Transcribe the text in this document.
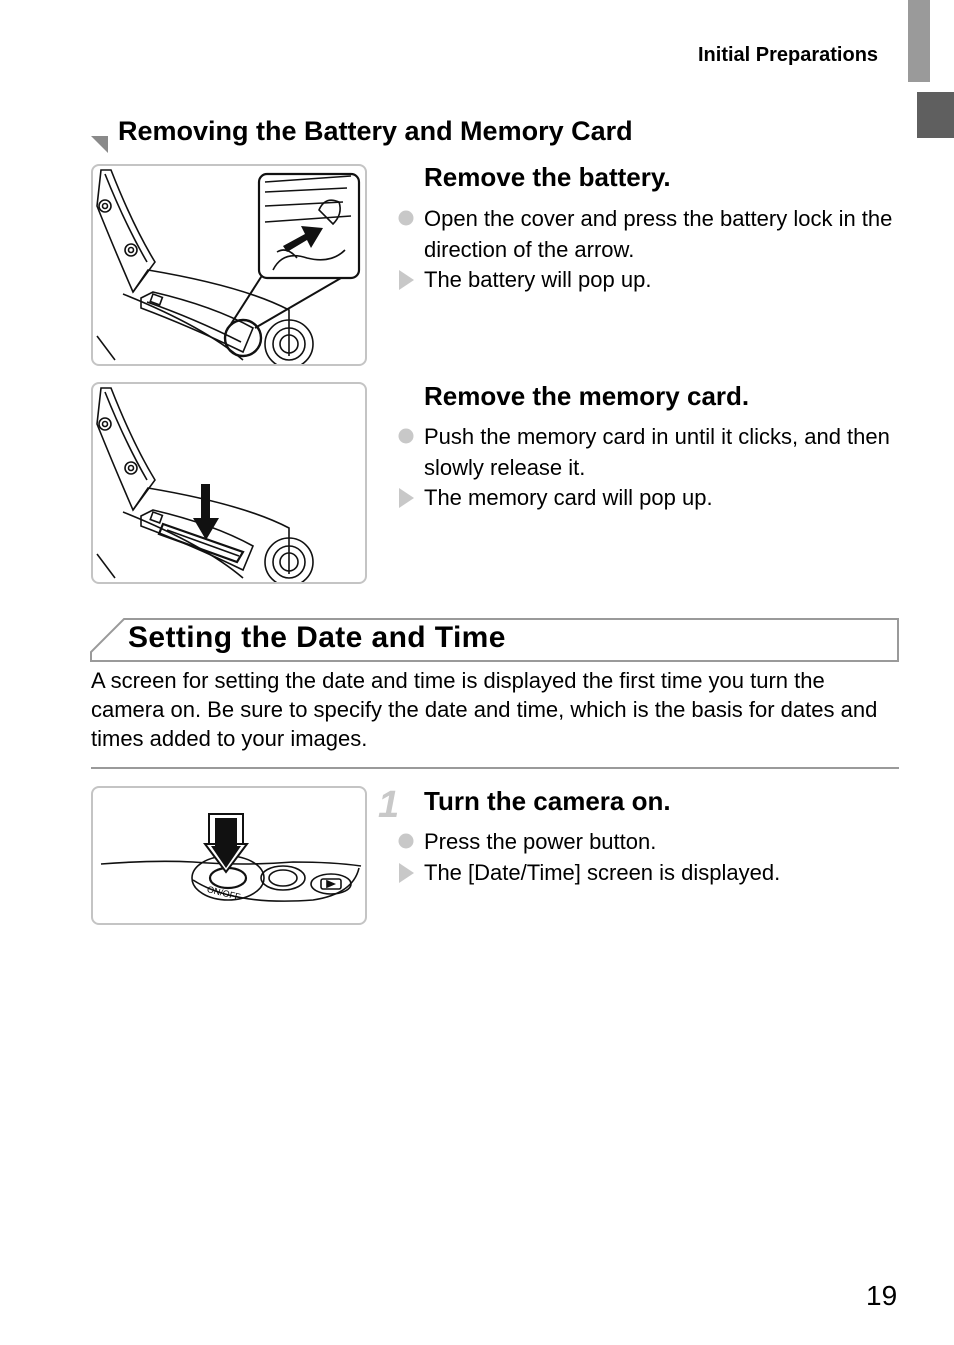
Initial Preparations
Removing the Battery and Memory Card
Remove the battery.
Open the cover and press the battery lock in the direction of the arrow.
The battery will pop up.
Remove the memory card.
Push the memory card in until it clicks, and then slowly release it.
The memory card will pop up.
Setting the Date and Time
A screen for setting the date and time is displayed the first time you turn the camera on. Be sure to specify the date and time, which is the basis for dates and times added to your images.
ON/OFF
1 Turn the camera on.
Press the power button.
The [Date/Time] screen is displayed.
19
